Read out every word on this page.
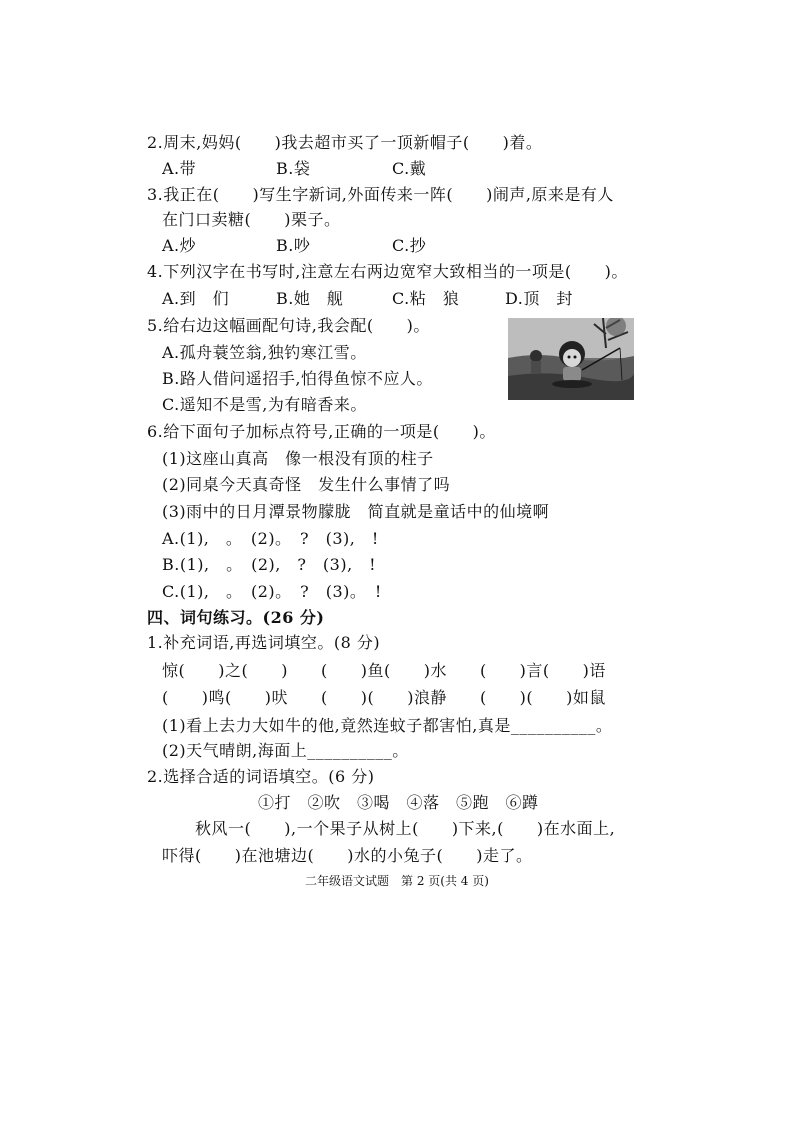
2.周末,妈妈(　　)我去超市买了一顶新帽子(　　)着。
A.带	B.袋	C.戴
3.我正在(　　)写生字新词,外面传来一阵(　　)闹声,原来是有人
在门口卖糖(　　)栗子。
A.炒	B.吵	C.抄
4.下列汉字在书写时,注意左右两边宽窄大致相当的一项是(　　)。
A.到　们	B.她　舰	C.粘　狼	D.顶　封
5.给右边这幅画配句诗,我会配(　　)。
A.孤舟蓑笠翁,独钓寒江雪。
B.路人借问遥招手,怕得鱼惊不应人。
C.遥知不是雪,为有暗香来。
6.给下面句子加标点符号,正确的一项是(　　)。
(1)这座山真高　像一根没有顶的柱子
(2)同桌今天真奇怪　发生什么事情了吗
(3)雨中的日月潭景物朦胧　简直就是童话中的仙境啊
A.(1),　。　(2)。　?　(3),　!
B.(1),　。　(2),　?　(3),　!
C.(1),　。　(2)。　?　(3)。　!
四、词句练习。(26 分)
1.补充词语,再选词填空。(8 分)
惊(　　)之(　　)　　(　　)鱼(　　)水　　(　　)言(　　)语
(　　)鸣(　　)吠　　(　　)(　　)浪静　　(　　)(　　)如鼠
(1)看上去力大如牛的他,竟然连蚊子都害怕,真是__________。
(2)天气晴朗,海面上__________。
2.选择合适的词语填空。(6 分)
①打　②吹　③喝　④落　⑤跑　⑥蹲
　　秋风一(　　),一个果子从树上(　　)下来,(　　)在水面上,
吓得(　　)在池塘边(　　)水的小兔子(　　)走了。
二年级语文试题　第 2 页(共 4 页)
